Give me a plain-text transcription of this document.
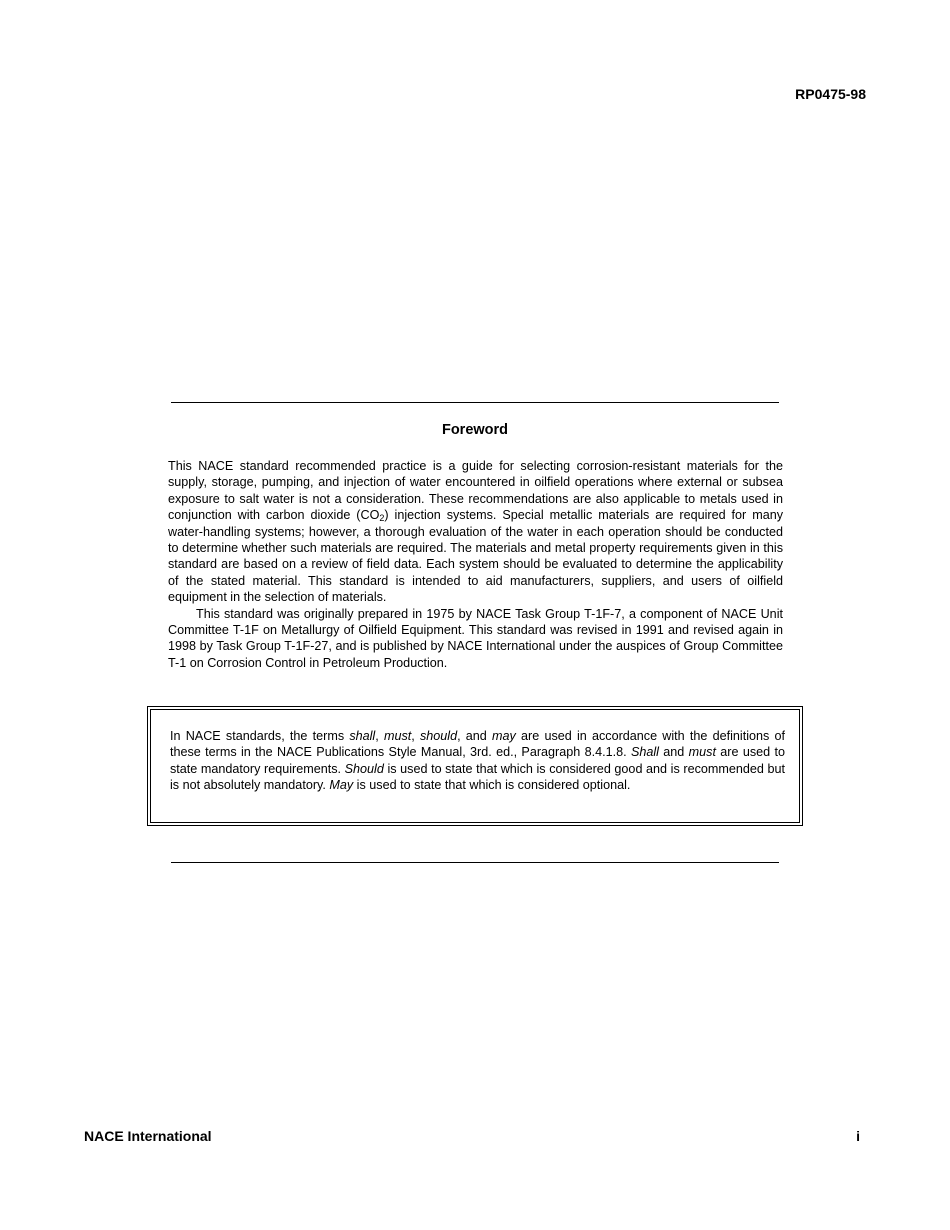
RP0475-98
Foreword

This NACE standard recommended practice is a guide for selecting corrosion-resistant materials for the supply, storage, pumping, and injection of water encountered in oilfield operations where external or subsea exposure to salt water is not a consideration. These recommendations are also applicable to metals used in conjunction with carbon dioxide $(CO_2)$ injection systems. Special metallic materials are required for many water-handling systems; however, a thorough evaluation of the water in each operation should be conducted to determine whether such materials are required. The materials and metal property requirements given in this standard are based on a review of field data. Each system should be evaluated to determine the applicability of the stated material. This standard is intended to aid manufacturers, suppliers, and users of oilfield equipment in the selection of materials.

This standard was originally prepared in 1975 by NACE Task Group T-1F-7, a component of NACE Unit Committee T-1F on Metallurgy of Oilfield Equipment. This standard was revised in 1991 and revised again in 1998 by Task Group T-1F-27, and is published by NACE International under the auspices of Group Committee T-1 on Corrosion Control in Petroleum Production.

In NACE standards, the terms shall, must, should, and may are used in accordance with the definitions of these terms in the NACE Publications Style Manual, 3rd. ed., Paragraph 8.4.1.8. Shall and must are used to state mandatory requirements. Should is used to state that which is considered good and is recommended but is not absolutely mandatory. May is used to state that which is considered optional.

NACE International	i
